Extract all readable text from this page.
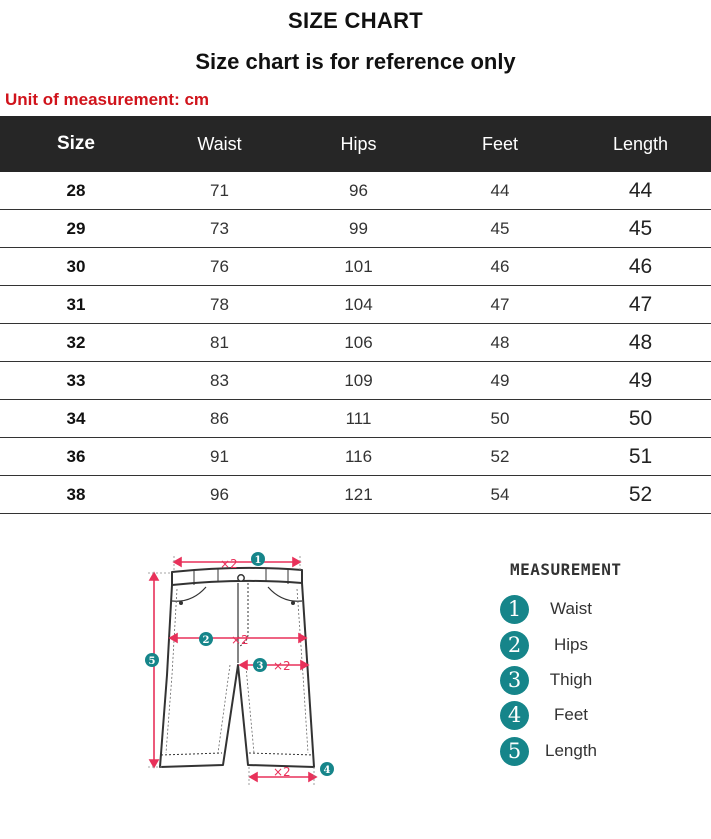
SIZE CHART
Size chart is for reference only
Unit of measurement: cm
Size	Waist	Hips	Feet	Length
28	71	96	44	44
29	73	99	45	45
30	76	101	46	46
31	78	104	47	47
32	81	106	48	48
33	83	109	49	49
34	86	111	50	50
36	91	116	52	51
38	96	121	54	52
×2
×2
×2
×2
1
2
3
4
5
MEASUREMENT
1	Waist
2	Hips
3	Thigh
4	Feet
5	Length
